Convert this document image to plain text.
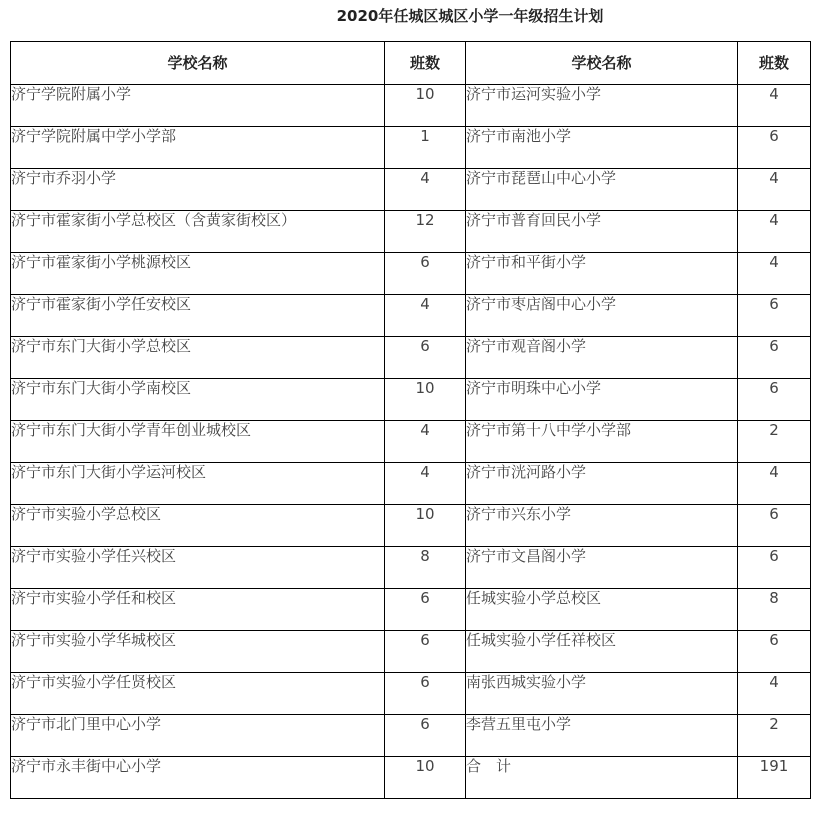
2020年任城区城区小学一年级招生计划
学校名称	班数	学校名称	班数
济宁学院附属小学	10	济宁市运河实验小学	4
济宁学院附属中学小学部	1	济宁市南池小学	6
济宁市乔羽小学	4	济宁市琵琶山中心小学	4
济宁市霍家街小学总校区（含黄家街校区）	12	济宁市普育回民小学	4
济宁市霍家街小学桃源校区	6	济宁市和平街小学	4
济宁市霍家街小学任安校区	4	济宁市枣店阁中心小学	6
济宁市东门大街小学总校区	6	济宁市观音阁小学	6
济宁市东门大街小学南校区	10	济宁市明珠中心小学	6
济宁市东门大街小学青年创业城校区	4	济宁市第十八中学小学部	2
济宁市东门大街小学运河校区	4	济宁市洸河路小学	4
济宁市实验小学总校区	10	济宁市兴东小学	6
济宁市实验小学任兴校区	8	济宁市文昌阁小学	6
济宁市实验小学任和校区	6	任城实验小学总校区	8
济宁市实验小学华城校区	6	任城实验小学任祥校区	6
济宁市实验小学任贤校区	6	南张西城实验小学	4
济宁市北门里中心小学	6	李营五里屯小学	2
济宁市永丰街中心小学	10	合　计	191
